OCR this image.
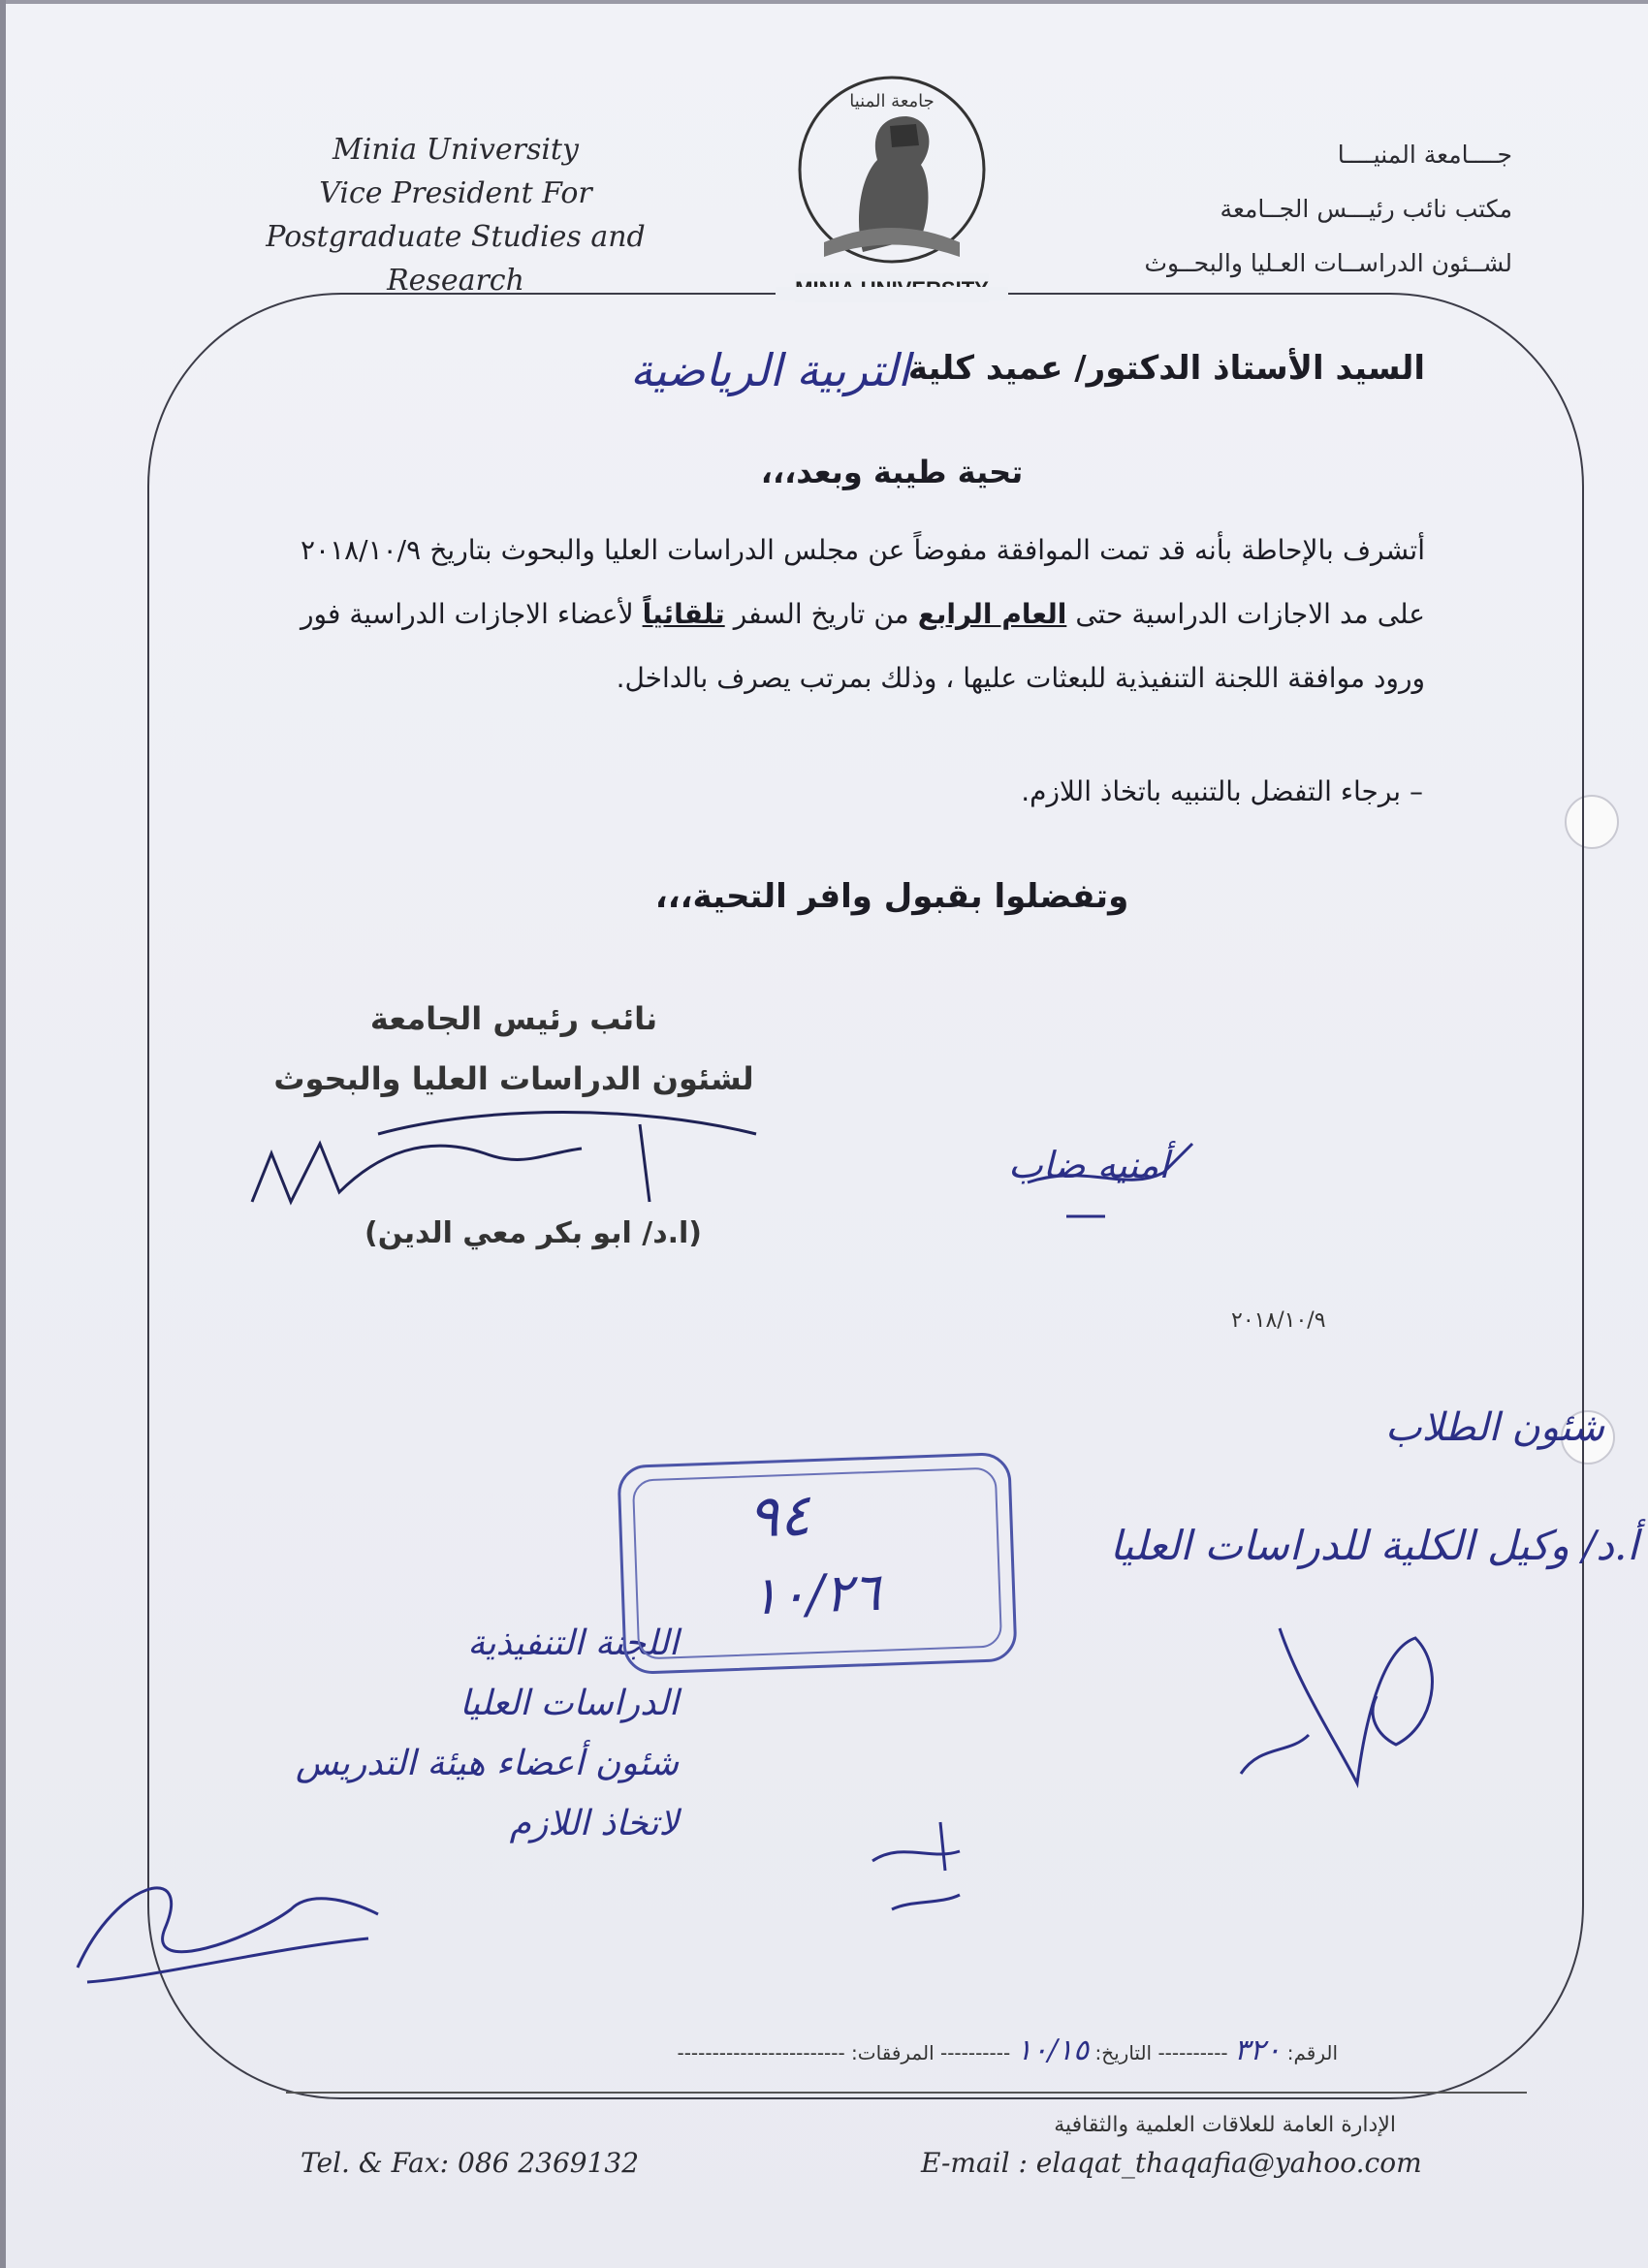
Minia University
Vice President For
Postgraduate Studies and Research
جامعة المنيا
جــــامعة المنيــــا
مكتب نائب رئيـــس الجــامعة
لشــئون الدراســات العـليا والبحــوث
السيد الأستاذ الدكتور/ عميد كلية
التربية الرياضية
تحية طيبة وبعد،،،
أتشرف بالإحاطة بأنه قد تمت الموافقة مفوضاً عن مجلس الدراسات العليا والبحوث بتاريخ ٢٠١٨/١٠/٩ على مد الاجازات الدراسية حتى العام الرابع من تاريخ السفر تلقائياً لأعضاء الاجازات الدراسية فور ورود موافقة اللجنة التنفيذية للبعثات عليها ، وذلك بمرتب يصرف بالداخل.
– برجاء التفضل بالتنبيه باتخاذ اللازم.
وتفضلوا بقبول وافر التحية،،،
نائب رئيس الجامعة
لشئون الدراسات العليا والبحوث
(ا.د/ ابو بكر معي الدين)
٢٠١٨/١٠/٩
أمنيه ضاب
شئون الطلاب
أ.د/ وكيل الكلية للدراسات العليا
اللجنة التنفيذية
الدراسات العليا
شئون أعضاء هيئة التدريس
لاتخاذ اللازم
٩٤
١٠/٢٦
الرقم: ٣٢٠ ---------- التاريخ: ١٠/١٥ ---------- المرفقات: ------------------------
الإدارة العامة للعلاقات العلمية والثقافية
Tel. & Fax: 086 2369132	E-mail : elaqat_thaqafia@yahoo.com
